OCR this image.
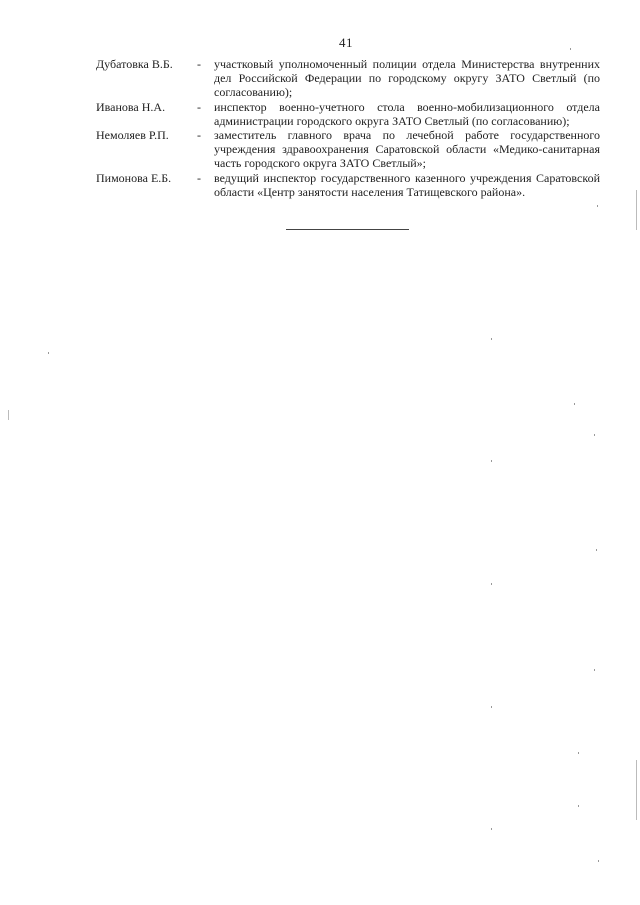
41
Дубатовка В.Б.	-	участковый уполномоченный полиции отдела Министерства внутренних дел Российской Федерации по городскому округу ЗАТО Светлый (по согласованию);
Иванова Н.А.	-	инспектор военно-учетного стола военно-мобилизационного отдела администрации городского округа ЗАТО Светлый (по согласованию);
Немоляев Р.П.	-	заместитель главного врача по лечебной работе государственного учреждения здравоохранения Саратовской области «Медико-санитарная часть городского округа ЗАТО Светлый»;
Пимонова Е.Б.	-	ведущий инспектор государственного казенного учреждения Саратовской области «Центр занятости населения Татищевского района».
